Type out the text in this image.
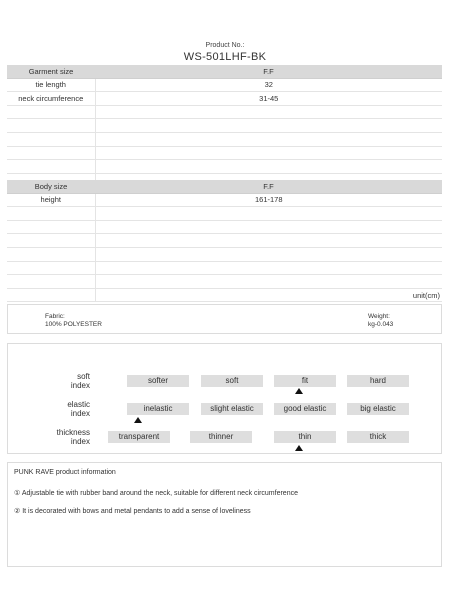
Product No.:
WS-501LHF-BK
Garment size	F.F
tie length	32
neck circumference	31-45

Body size	F.F
height	161-178

	unit(cm)
Fabric:
100% POLYESTER
Weight:
kg-0.043
soft
index
softer	soft	fit	hard
elastic
index
inelastic	slight elastic	good elastic	big elastic
thickness
index
transparent	thinner	thin	thick
PUNK RAVE product information
① Adjustable tie with rubber band around the neck, suitable for different neck circumference
② It is decorated with bows and metal pendants to add a sense of loveliness
